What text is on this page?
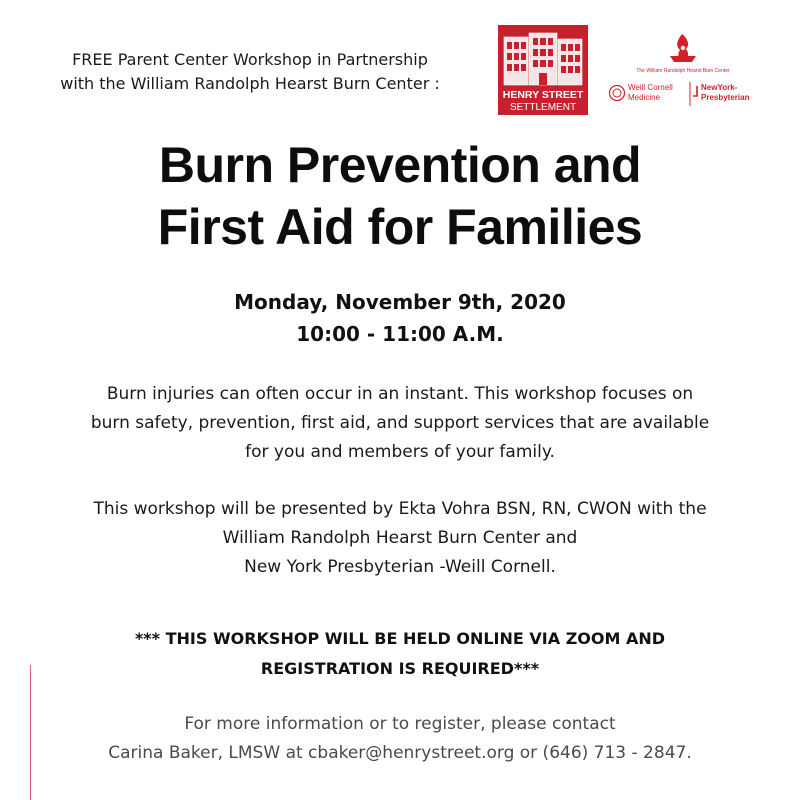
FREE Parent Center Workshop in Partnership
with the William Randolph Hearst Burn Center :
HENRY STREET
SETTLEMENT
The William Randolph Hearst Burn Center
Weill Cornell
Medicine
NewYork-
Presbyterian
Burn Prevention and
First Aid for Families
Monday, November 9th, 2020
10:00 - 11:00 A.M.
Burn injuries can often occur in an instant. This workshop focuses on
burn safety, prevention, first aid, and support services that are available
for you and members of your family.
This workshop will be presented by Ekta Vohra BSN, RN, CWON with the
William Randolph Hearst Burn Center and
New York Presbyterian -Weill Cornell.
*** THIS WORKSHOP WILL BE HELD ONLINE VIA ZOOM AND
REGISTRATION IS REQUIRED***
For more information or to register, please contact
Carina Baker, LMSW at cbaker@henrystreet.org or (646) 713 - 2847.
